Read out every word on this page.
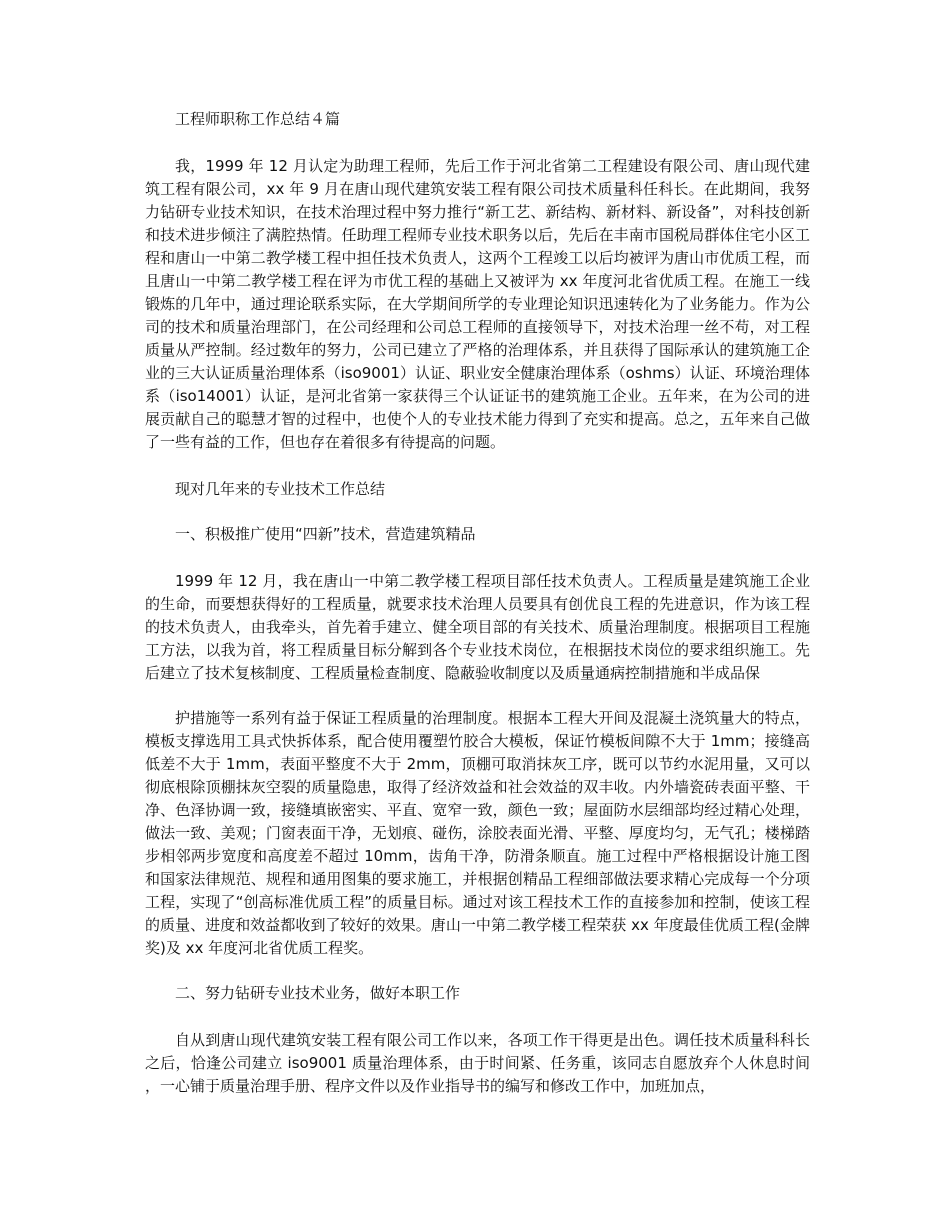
工程师职称工作总结４篇

我，1999 年 12 月认定为助理工程师，先后工作于河北省第二工程建设有限公司、唐山现代建筑工程有限公司，xx 年 9 月在唐山现代建筑安装工程有限公司技术质量科任科长。在此期间，我努力钻研专业技术知识，在技术治理过程中努力推行“新工艺、新结构、新材料、新设备”，对科技创新和技术进步倾注了满腔热情。任助理工程师专业技术职务以后，先后在丰南市国税局群体住宅小区工程和唐山一中第二教学楼工程中担任技术负责人，这两个工程竣工以后均被评为唐山市优质工程，而且唐山一中第二教学楼工程在评为市优工程的基础上又被评为 xx 年度河北省优质工程。在施工一线锻炼的几年中，通过理论联系实际，在大学期间所学的专业理论知识迅速转化为了业务能力。作为公司的技术和质量治理部门，在公司经理和公司总工程师的直接领导下，对技术治理一丝不苟，对工程质量从严控制。经过数年的努力，公司已建立了严格的治理体系，并且获得了国际承认的建筑施工企业的三大认证质量治理体系（iso9001）认证、职业安全健康治理体系（oshms）认证、环境治理体系（iso14001）认证，是河北省第一家获得三个认证证书的建筑施工企业。五年来，在为公司的进展贡献自己的聪慧才智的过程中，也使个人的专业技术能力得到了充实和提高。总之，五年来自己做了一些有益的工作，但也存在着很多有待提高的问题。

现对几年来的专业技术工作总结

一、积极推广使用“四新”技术，营造建筑精品

1999 年 12 月，我在唐山一中第二教学楼工程项目部任技术负责人。工程质量是建筑施工企业的生命，而要想获得好的工程质量，就要求技术治理人员要具有创优良工程的先进意识，作为该工程的技术负责人，由我牵头，首先着手建立、健全项目部的有关技术、质量治理制度。根据项目工程施工方法，以我为首，将工程质量目标分解到各个专业技术岗位，在根据技术岗位的要求组织施工。先后建立了技术复核制度、工程质量检查制度、隐蔽验收制度以及质量通病控制措施和半成品保

护措施等一系列有益于保证工程质量的治理制度。根据本工程大开间及混凝土浇筑量大的特点，模板支撑选用工具式快拆体系，配合使用覆塑竹胶合大模板，保证竹模板间隙不大于 1mm；接缝高低差不大于 1mm，表面平整度不大于 2mm，顶棚可取消抹灰工序，既可以节约水泥用量，又可以彻底根除顶棚抹灰空裂的质量隐患，取得了经济效益和社会效益的双丰收。内外墙瓷砖表面平整、干净、色泽协调一致，接缝填嵌密实、平直、宽窄一致，颜色一致；屋面防水层细部均经过精心处理，做法一致、美观；门窗表面干净，无划痕、碰伤，涂胶表面光滑、平整、厚度均匀，无气孔；楼梯踏步相邻两步宽度和高度差不超过 10mm，齿角干净，防滑条顺直。施工过程中严格根据设计施工图和国家法律规范、规程和通用图集的要求施工，并根据创精品工程细部做法要求精心完成每一个分项工程，实现了“创高标准优质工程”的质量目标。通过对该工程技术工作的直接参加和控制，使该工程的质量、进度和效益都收到了较好的效果。唐山一中第二教学楼工程荣获 xx 年度最佳优质工程(金牌奖)及 xx 年度河北省优质工程奖。

二、努力钻研专业技术业务，做好本职工作

自从到唐山现代建筑安装工程有限公司工作以来，各项工作干得更是出色。调任技术质量科科长之后，恰逢公司建立 iso9001 质量治理体系，由于时间紧、任务重，该同志自愿放弃个人休息时间，一心铺于质量治理手册、程序文件以及作业指导书的编写和修改工作中，加班加点，
